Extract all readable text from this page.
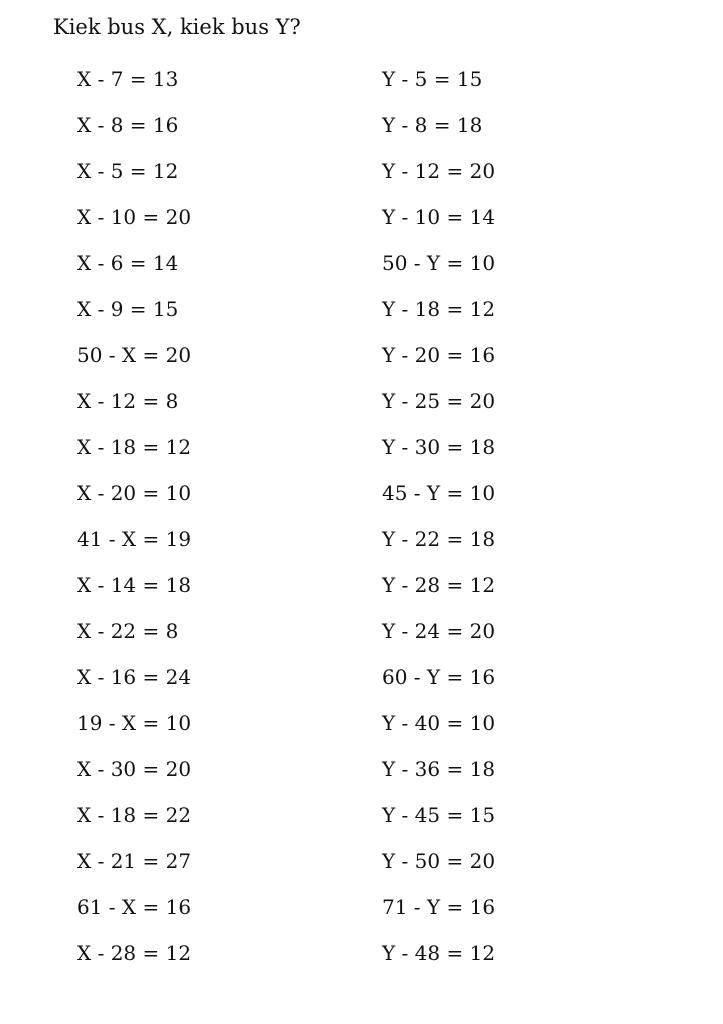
Kiek bus X, kiek bus Y?
X - 7 = 13
X - 8 = 16
X - 5 = 12
X - 10 = 20
X - 6 = 14
X - 9 = 15
50 - X = 20
X - 12 = 8
X - 18 = 12
X - 20 = 10
41 - X = 19
X - 14 = 18
X - 22 = 8
X - 16 = 24
19 - X = 10
X - 30 = 20
X - 18 = 22
X - 21 = 27
61 - X = 16
X - 28 = 12
Y - 5 = 15
Y - 8 = 18
Y - 12 = 20
Y - 10 = 14
50 - Y = 10
Y - 18 = 12
Y - 20 = 16
Y - 25 = 20
Y - 30 = 18
45 - Y = 10
Y - 22 = 18
Y - 28 = 12
Y - 24 = 20
60 - Y = 16
Y - 40 = 10
Y - 36 = 18
Y - 45 = 15
Y - 50 = 20
71 - Y = 16
Y - 48 = 12
